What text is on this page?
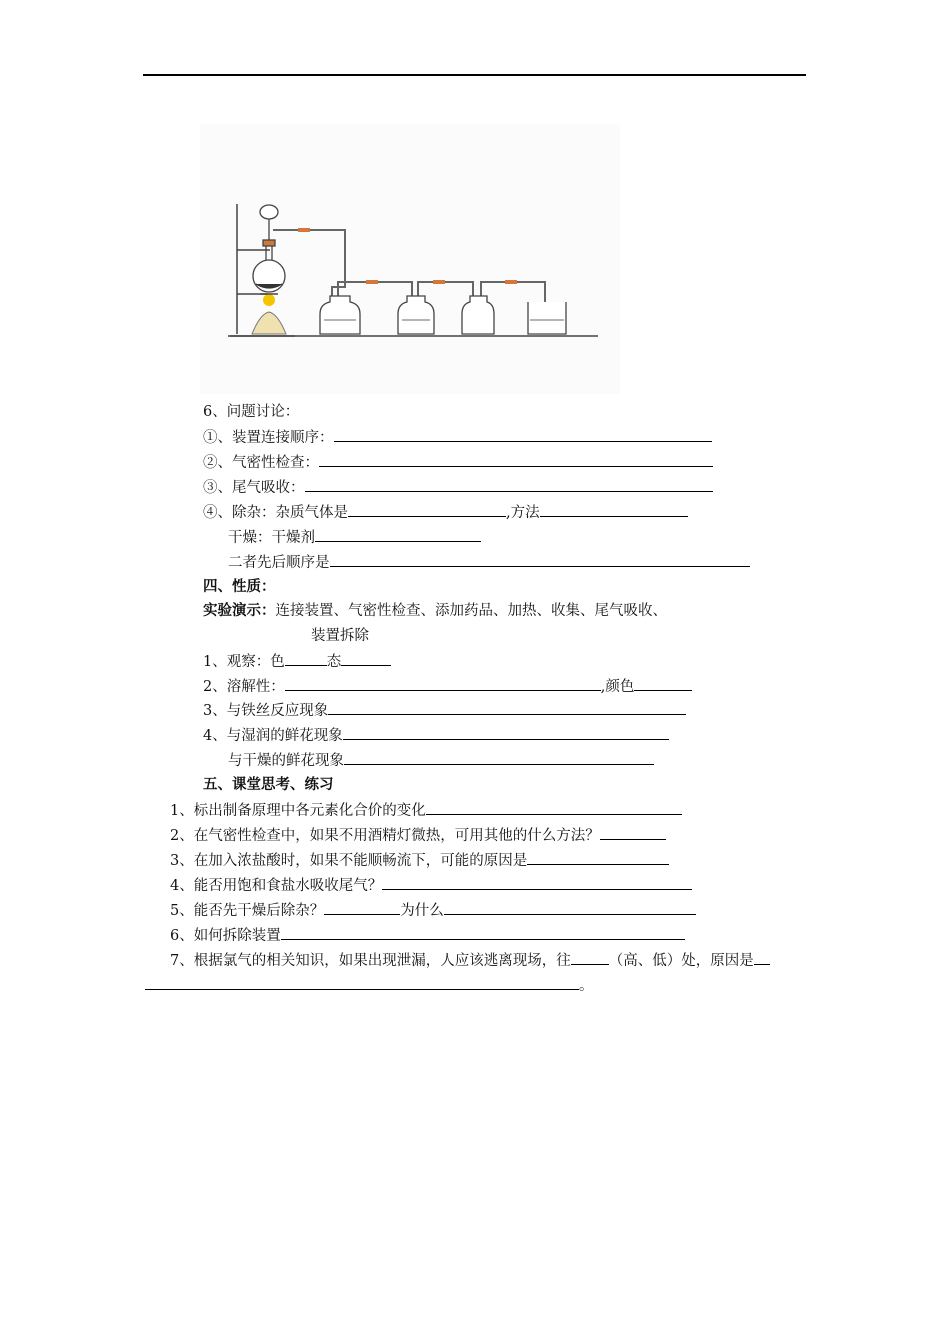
6、问题讨论：
①、装置连接顺序：
②、气密性检查：
③、尾气吸收：
④、除杂：杂质气体是	,方法
干燥：干燥剂
二者先后顺序是
四、性质：
实验演示：连接装置、气密性检查、添加药品、加热、收集、尾气吸收、
装置拆除
1、观察：色	态
2、溶解性：	,颜色
3、与铁丝反应现象
4、与湿润的鲜花现象
与干燥的鲜花现象
五、课堂思考、练习
1、标出制备原理中各元素化合价的变化
2、在气密性检查中，如果不用酒精灯微热，可用其他的什么方法？
3、在加入浓盐酸时，如果不能顺畅流下，可能的原因是
4、能否用饱和食盐水吸收尾气？
5、能否先干燥后除杂？	为什么
6、如何拆除装置
7、根据氯气的相关知识，如果出现泄漏，人应该逃离现场，往	（高、低）处，原因是
。
